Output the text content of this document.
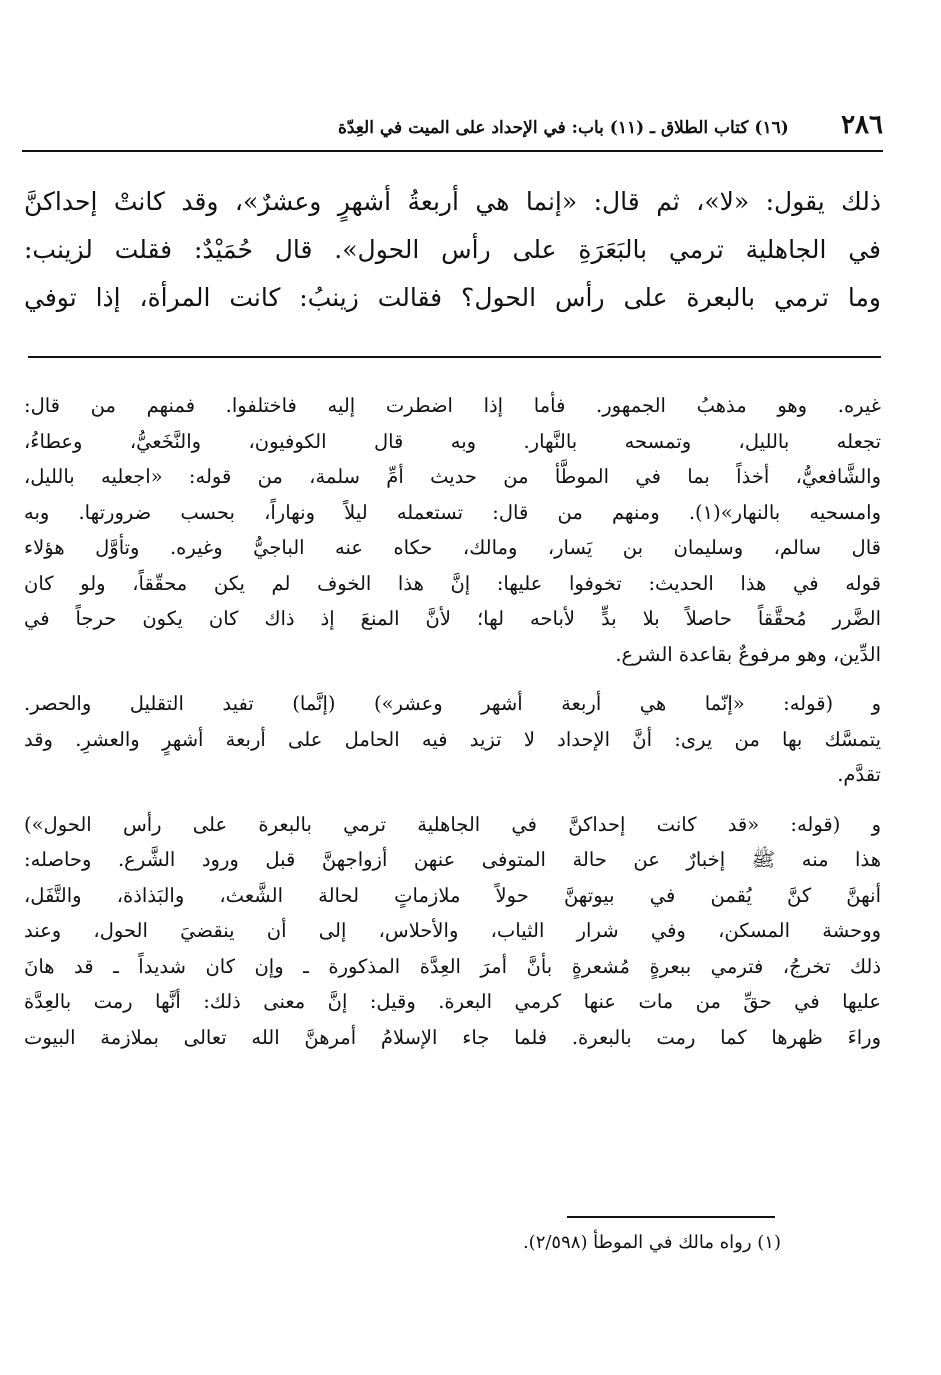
٢٨٦
(١٦) كتاب الطلاق ـ (١١) باب: في الإحداد على الميت في العِدّة
ذلك يقول: «لا»، ثم قال: «إنما هي أربعةُ أشهرٍ وعشرٌ»، وقد كانتْ إحداكنَّ
في الجاهلية ترمي بالبَعَرَةِ على رأس الحول». قال حُمَيْدٌ: فقلت لزينب:
وما ترمي بالبعرة على رأس الحول؟ فقالت زينبُ: كانت المرأة، إذا توفي
غيره. وهو مذهبُ الجمهور. فأما إذا اضطرت إليه فاختلفوا. فمنهم من قال:
تجعله بالليل، وتمسحه بالنَّهار. وبه قال الكوفيون، والنَّخَعيُّ، وعطاءُ،
والشَّافعيُّ، أخذاً بما في الموطَّأ من حديث أمِّ سلمة، من قوله: «اجعليه بالليل،
وامسحيه بالنهار»(١). ومنهم من قال: تستعمله ليلاً ونهاراً، بحسب ضرورتها. وبه
قال سالم، وسليمان بن يَسار، ومالك، حكاه عنه الباجيُّ وغيره. وتأوَّل هؤلاء
قوله في هذا الحديث: تخوفوا عليها: إنَّ هذا الخوف لم يكن محقّقاً، ولو كان
الضَّرر مُحقَّقاً حاصلاً بلا بدٍّ لأباحه لها؛ لأنَّ المنعَ إذ ذاك كان يكون حرجاً في
الدِّين، وهو مرفوعٌ بقاعدة الشرع.
و (قوله: «إنّما هي أربعة أشهر وعشر») (إنَّما) تفيد التقليل والحصر.
يتمسَّك بها من يرى: أنَّ الإحداد لا تزيد فيه الحامل على أربعة أشهرٍ والعشرِ. وقد
تقدَّم.
و (قوله: «قد كانت إحداكنَّ في الجاهلية ترمي بالبعرة على رأس الحول»)
هذا منه ﷺ إخبارٌ عن حالة المتوفى عنهن أزواجهنَّ قبل ورود الشَّرع. وحاصله:
أنهنَّ كنَّ يُقمن في بيوتهنَّ حولاً ملازماتٍ لحالة الشَّعث، والبَذاذة، والتَّفَل،
ووحشة المسكن، وفي شرار الثياب، والأحلاس، إلى أن ينقضيَ الحول، وعند
ذلك تخرجُ، فترمي ببعرةٍ مُشعرةٍ بأنَّ أمرَ العِدَّة المذكورة ـ وإن كان شديداً ـ قد هانَ
عليها في حقِّ من مات عنها كرمي البعرة. وقيل: إنَّ معنى ذلك: أنَّها رمت بالعِدَّة
وراءَ ظهرها كما رمت بالبعرة. فلما جاء الإسلامُ أمرهنَّ الله تعالى بملازمة البيوت
(١) رواه مالك في الموطأ (٢/٥٩٨).
